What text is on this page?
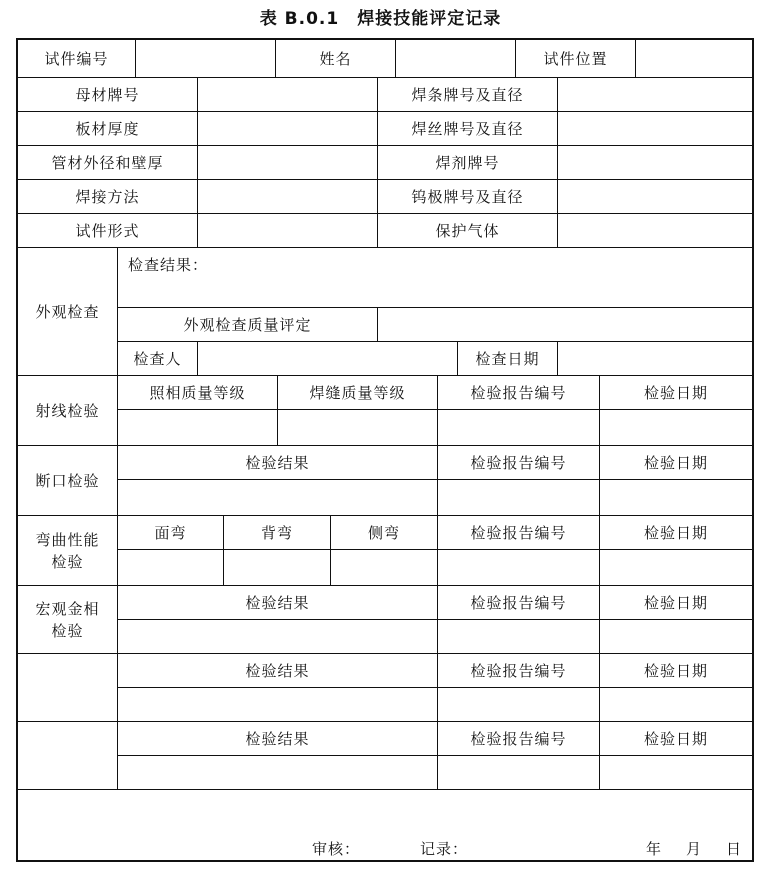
表 B.0.1　焊接技能评定记录
试件编号	姓名	试件位置
母材牌号	焊条牌号及直径
板材厚度	焊丝牌号及直径
管材外径和壁厚	焊剂牌号
焊接方法	钨极牌号及直径
试件形式	保护气体
外观检查
检查结果：
外观检查质量评定
检查人	检查日期
射线检验
照相质量等级	焊缝质量等级	检验报告编号	检验日期
断口检验
检验结果	检验报告编号	检验日期
弯曲性能
检验
面弯	背弯	侧弯	检验报告编号	检验日期
宏观金相
检验
检验结果	检验报告编号	检验日期
检验结果	检验报告编号	检验日期
检验结果	检验报告编号	检验日期
审核：	记录：	年 月 日
